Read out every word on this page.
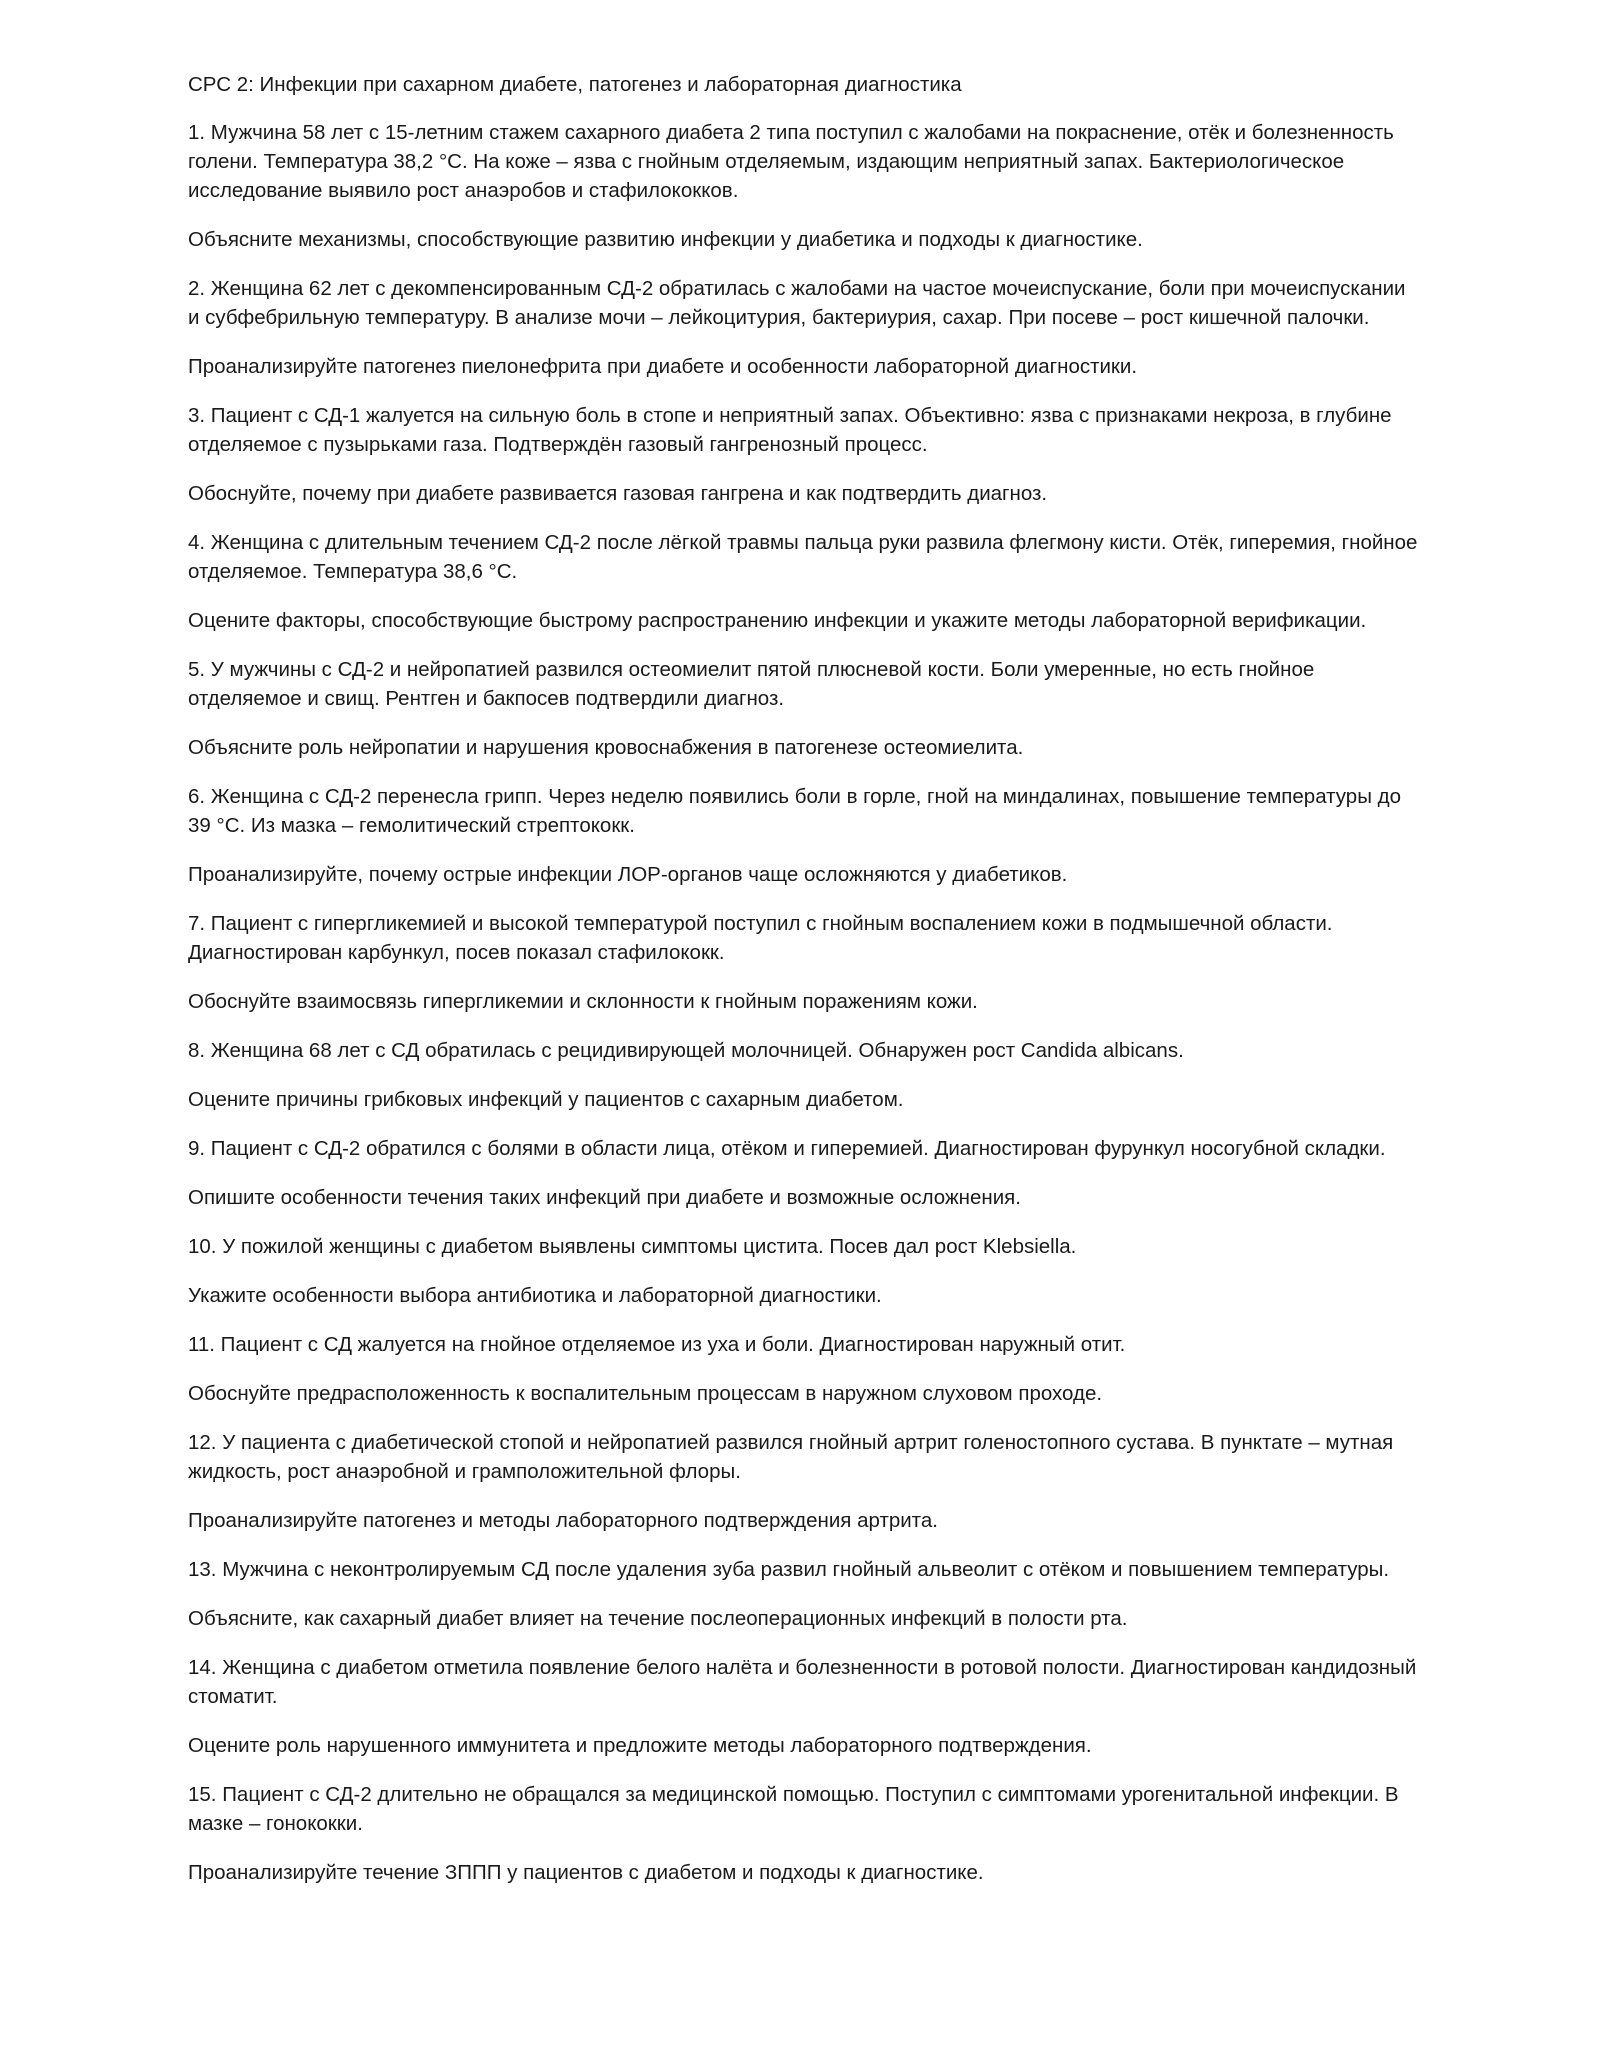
СРС 2: Инфекции при сахарном диабете, патогенез и лабораторная диагностика

1. Мужчина 58 лет с 15-летним стажем сахарного диабета 2 типа поступил с жалобами на покраснение, отёк и болезненность голени. Температура 38,2 °С. На коже – язва с гнойным отделяемым, издающим неприятный запах. Бактериологическое исследование выявило рост анаэробов и стафилококков.

Объясните механизмы, способствующие развитию инфекции у диабетика и подходы к диагностике.

2. Женщина 62 лет с декомпенсированным СД-2 обратилась с жалобами на частое мочеиспускание, боли при мочеиспускании и субфебрильную температуру. В анализе мочи – лейкоцитурия, бактериурия, сахар. При посеве – рост кишечной палочки.

Проанализируйте патогенез пиелонефрита при диабете и особенности лабораторной диагностики.

3. Пациент с СД-1 жалуется на сильную боль в стопе и неприятный запах. Объективно: язва с признаками некроза, в глубине отделяемое с пузырьками газа. Подтверждён газовый гангренозный процесс.

Обоснуйте, почему при диабете развивается газовая гангрена и как подтвердить диагноз.

4. Женщина с длительным течением СД-2 после лёгкой травмы пальца руки развила флегмону кисти. Отёк, гиперемия, гнойное отделяемое. Температура 38,6 °С.

Оцените факторы, способствующие быстрому распространению инфекции и укажите методы лабораторной верификации.

5. У мужчины с СД-2 и нейропатией развился остеомиелит пятой плюсневой кости. Боли умеренные, но есть гнойное отделяемое и свищ. Рентген и бакпосев подтвердили диагноз.

Объясните роль нейропатии и нарушения кровоснабжения в патогенезе остеомиелита.

6. Женщина с СД-2 перенесла грипп. Через неделю появились боли в горле, гной на миндалинах, повышение температуры до 39 °С. Из мазка – гемолитический стрептококк.

Проанализируйте, почему острые инфекции ЛОР-органов чаще осложняются у диабетиков.

7. Пациент с гипергликемией и высокой температурой поступил с гнойным воспалением кожи в подмышечной области. Диагностирован карбункул, посев показал стафилококк.

Обоснуйте взаимосвязь гипергликемии и склонности к гнойным поражениям кожи.

8. Женщина 68 лет с СД обратилась с рецидивирующей молочницей. Обнаружен рост Candida albicans.

Оцените причины грибковых инфекций у пациентов с сахарным диабетом.

9. Пациент с СД-2 обратился с болями в области лица, отёком и гиперемией. Диагностирован фурункул носогубной складки.

Опишите особенности течения таких инфекций при диабете и возможные осложнения.

10. У пожилой женщины с диабетом выявлены симптомы цистита. Посев дал рост Klebsiella.

Укажите особенности выбора антибиотика и лабораторной диагностики.

11. Пациент с СД жалуется на гнойное отделяемое из уха и боли. Диагностирован наружный отит.

Обоснуйте предрасположенность к воспалительным процессам в наружном слуховом проходе.

12. У пациента с диабетической стопой и нейропатией развился гнойный артрит голеностопного сустава. В пунктате – мутная жидкость, рост анаэробной и грамположительной флоры.

Проанализируйте патогенез и методы лабораторного подтверждения артрита.

13. Мужчина с неконтролируемым СД после удаления зуба развил гнойный альвеолит с отёком и повышением температуры.

Объясните, как сахарный диабет влияет на течение послеоперационных инфекций в полости рта.

14. Женщина с диабетом отметила появление белого налёта и болезненности в ротовой полости. Диагностирован кандидозный стоматит.

Оцените роль нарушенного иммунитета и предложите методы лабораторного подтверждения.

15. Пациент с СД-2 длительно не обращался за медицинской помощью. Поступил с симптомами урогенитальной инфекции. В мазке – гонококки.

Проанализируйте течение ЗППП у пациентов с диабетом и подходы к диагностике.
